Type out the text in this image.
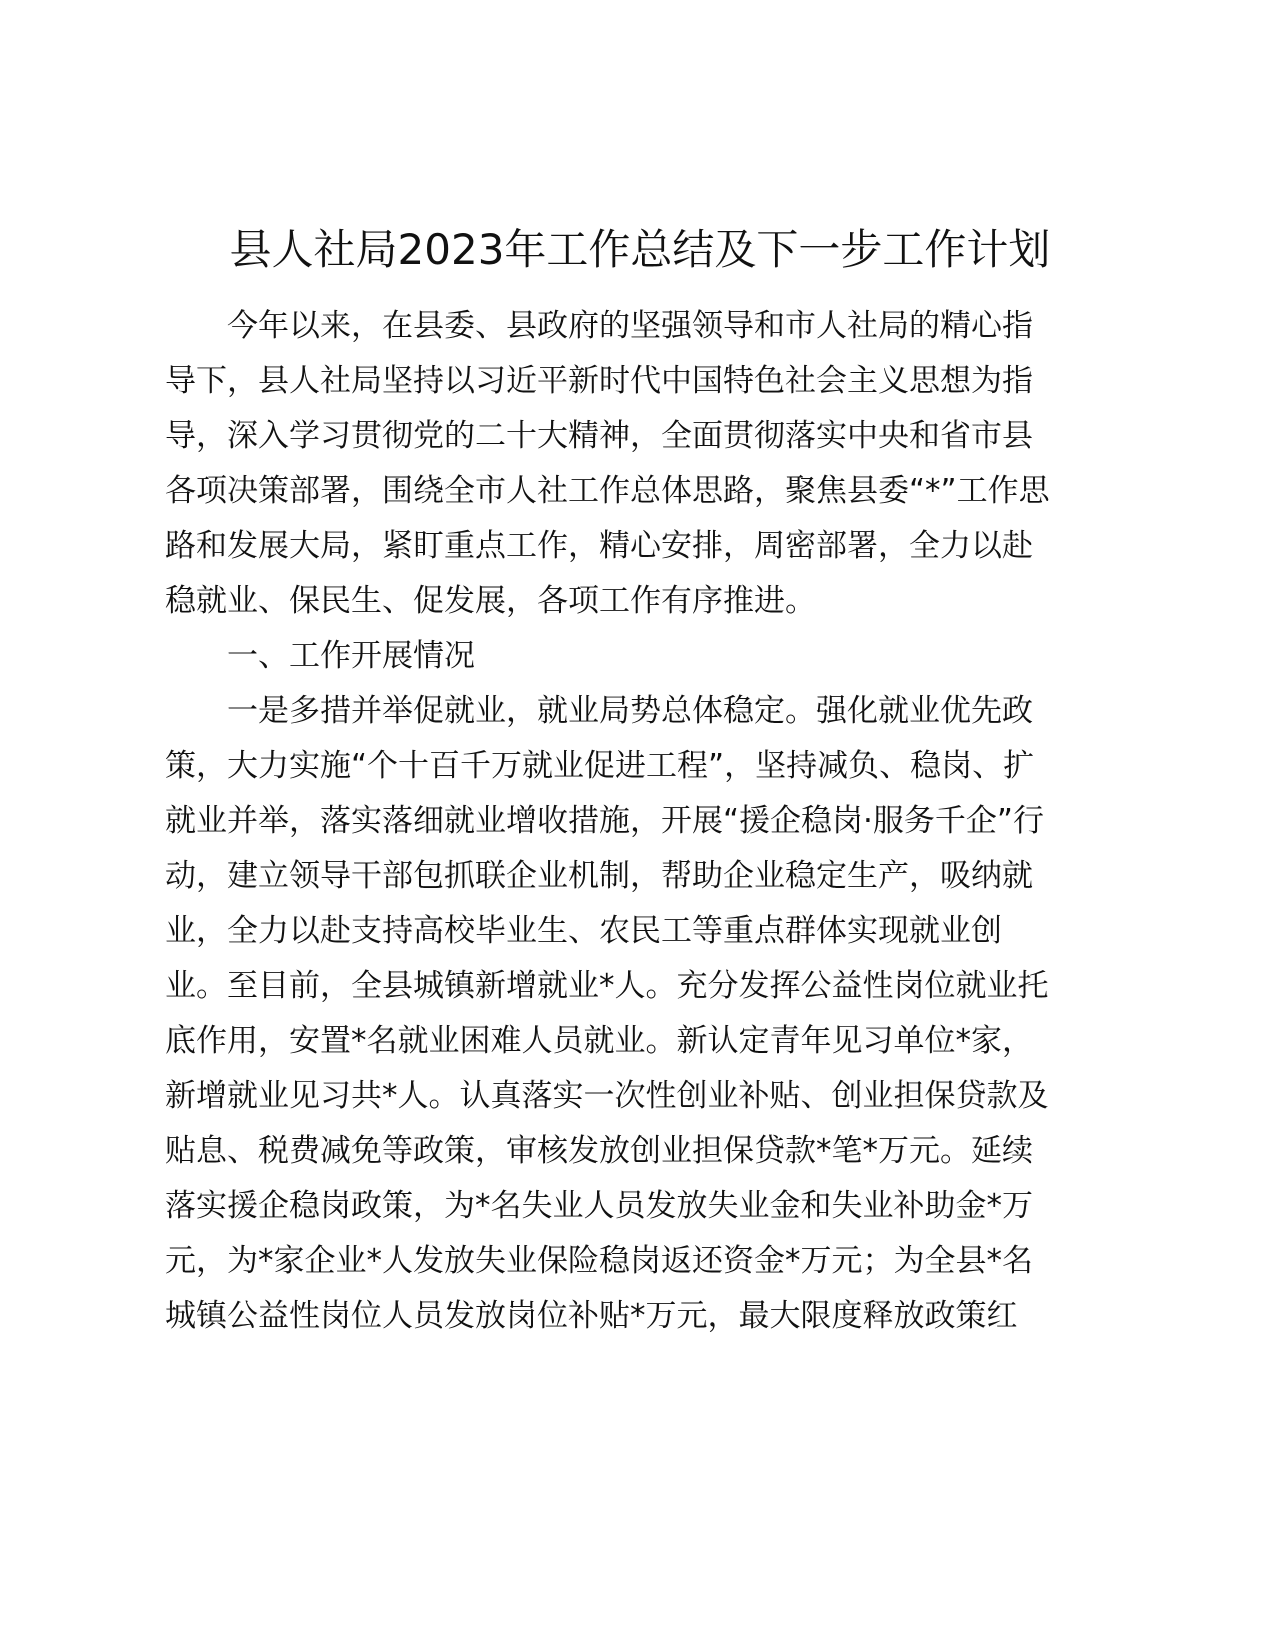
县人社局2023年工作总结及下一步工作计划

今年以来，在县委、县政府的坚强领导和市人社局的精心指

导下，县人社局坚持以习近平新时代中国特色社会主义思想为指

导，深入学习贯彻党的二十大精神，全面贯彻落实中央和省市县

各项决策部署，围绕全市人社工作总体思路，聚焦县委“*”工作思

路和发展大局，紧盯重点工作，精心安排，周密部署，全力以赴

稳就业、保民生、促发展，各项工作有序推进。

一、工作开展情况

一是多措并举促就业，就业局势总体稳定。强化就业优先政

策，大力实施“个十百千万就业促进工程”，坚持减负、稳岗、扩

就业并举，落实落细就业增收措施，开展“援企稳岗·服务千企”行

动，建立领导干部包抓联企业机制，帮助企业稳定生产，吸纳就

业，全力以赴支持高校毕业生、农民工等重点群体实现就业创

业。至目前，全县城镇新增就业*人。充分发挥公益性岗位就业托

底作用，安置*名就业困难人员就业。新认定青年见习单位*家，

新增就业见习共*人。认真落实一次性创业补贴、创业担保贷款及

贴息、税费减免等政策，审核发放创业担保贷款*笔*万元。延续

落实援企稳岗政策，为*名失业人员发放失业金和失业补助金*万

元，为*家企业*人发放失业保险稳岗返还资金*万元；为全县*名

城镇公益性岗位人员发放岗位补贴*万元，最大限度释放政策红
